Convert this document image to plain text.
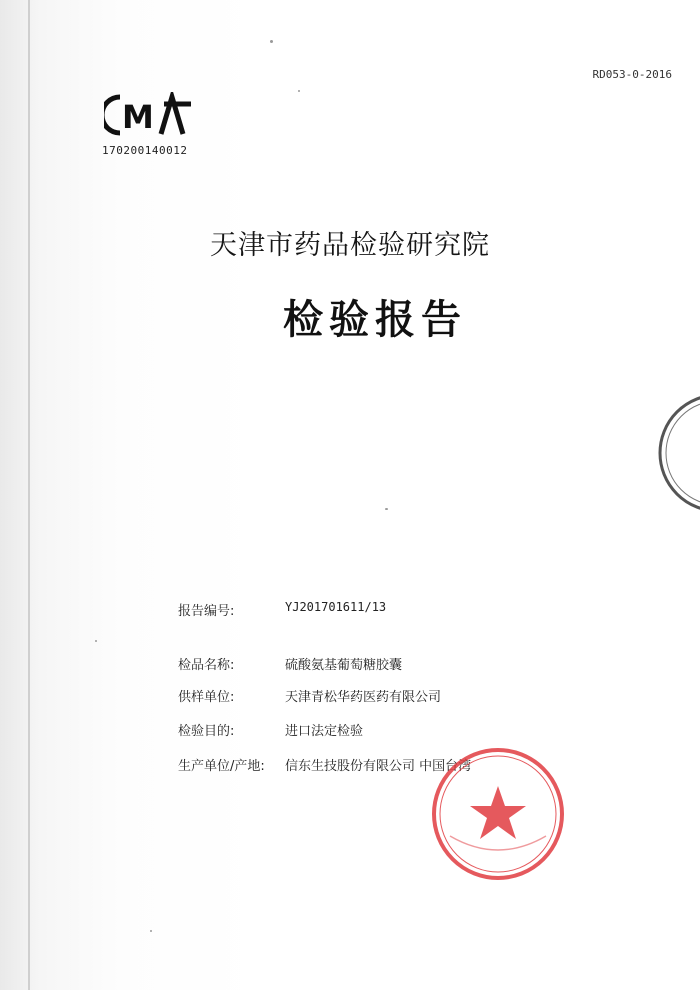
RD053-0-2016
M
170200140012
天津市药品检验研究院
检验报告
报告编号:	YJ201701611/13
检品名称:	硫酸氨基葡萄糖胶囊
供样单位:	天津青松华药医药有限公司
检验目的:	进口法定检验
生产单位/产地: 信东生技股份有限公司 中国台湾
